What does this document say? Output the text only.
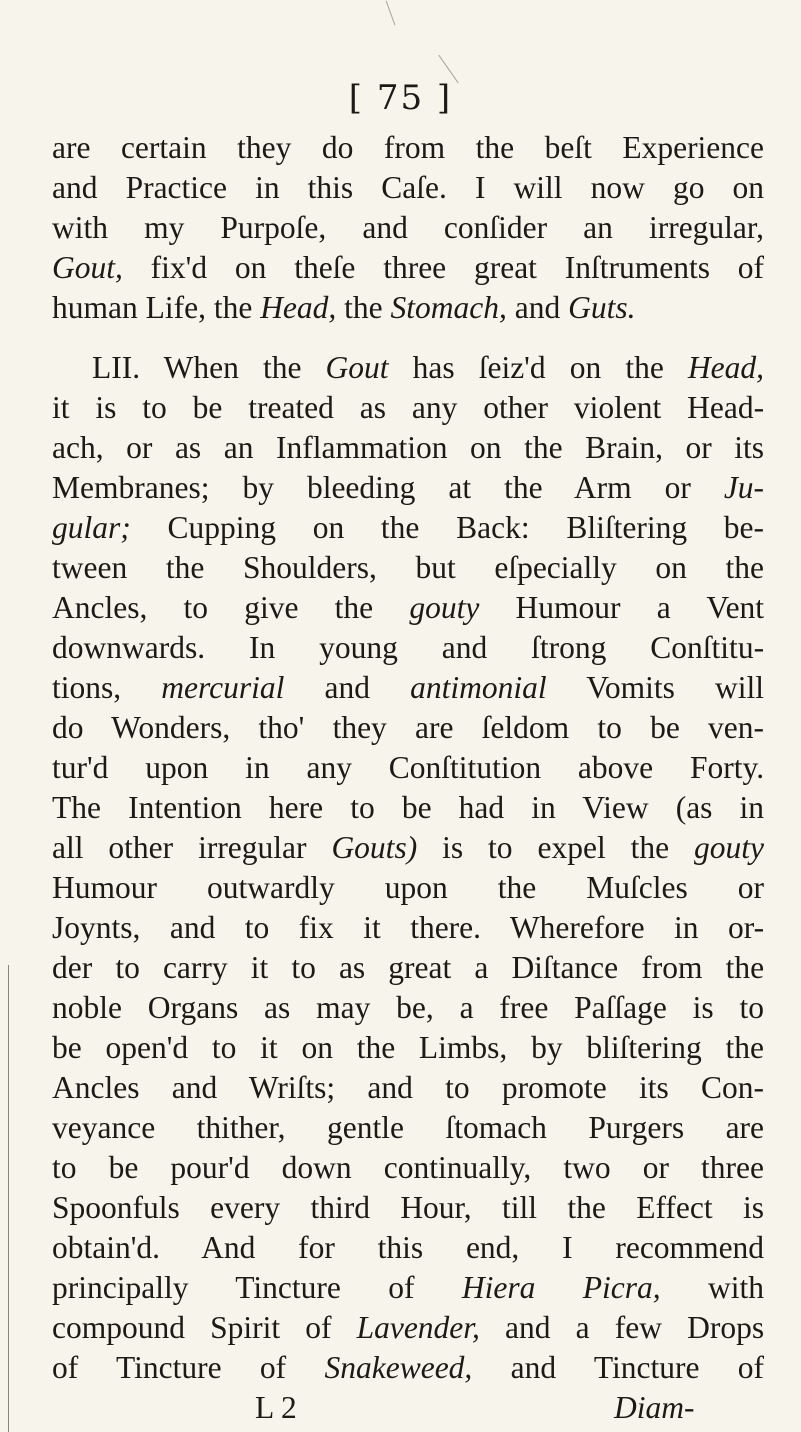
[ 75 ]
are certain they do from the beſt Experience
and Practice in this Caſe. I will now go on
with my Purpoſe, and conſider an irregular,
Gout, fix'd on theſe three great Inſtruments of
human Life, the Head, the Stomach, and Guts.
LII. When the Gout has ſeiz'd on the Head,
it is to be treated as any other violent Head-
ach, or as an Inflammation on the Brain, or its
Membranes; by bleeding at the Arm or Ju-
gular; Cupping on the Back: Bliſtering be-
tween the Shoulders, but eſpecially on the
Ancles, to give the gouty Humour a Vent
downwards. In young and ſtrong Conſtitu-
tions, mercurial and antimonial Vomits will
do Wonders, tho' they are ſeldom to be ven-
tur'd upon in any Conſtitution above Forty.
The Intention here to be had in View (as in
all other irregular Gouts) is to expel the gouty
Humour outwardly upon the Muſcles or
Joynts, and to fix it there. Wherefore in or-
der to carry it to as great a Diſtance from the
noble Organs as may be, a free Paſſage is to
be open'd to it on the Limbs, by bliſtering the
Ancles and Wriſts; and to promote its Con-
veyance thither, gentle ſtomach Purgers are
to be pour'd down continually, two or three
Spoonfuls every third Hour, till the Effect is
obtain'd. And for this end, I recommend
principally Tincture of Hiera Picra, with
compound Spirit of Lavender, and a few Drops
of Tincture of Snakeweed, and Tincture of
L 2	Diam-
